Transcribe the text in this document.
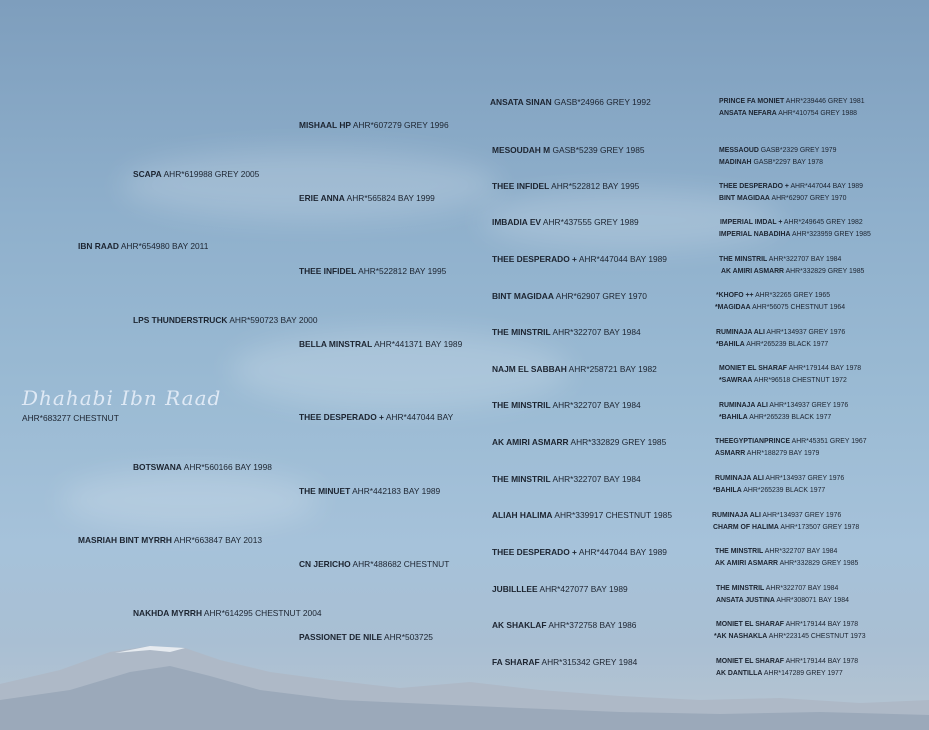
Dhahabi Ibn Raad
AHR*683277 CHESTNUT
IBN RAAD AHR*654980 BAY 2011
MASRIAH BINT MYRRH AHR*663847 BAY 2013
SCAPA AHR*619988 GREY 2005
LPS THUNDERSTRUCK AHR*590723 BAY 2000
BOTSWANA AHR*560166 BAY 1998
NAKHDA MYRRH AHR*614295 CHESTNUT 2004
MISHAAL HP AHR*607279 GREY 1996
ERIE ANNA AHR*565824 BAY 1999
THEE INFIDEL AHR*522812 BAY 1995
BELLA MINSTRAL AHR*441371 BAY 1989
THEE DESPERADO + AHR*447044 BAY
THE MINUET AHR*442183 BAY 1989
CN JERICHO AHR*488682 CHESTNUT
PASSIONET DE NILE AHR*503725
ANSATA SINAN GASB*24966 GREY 1992
MESOUDAH M GASB*5239 GREY 1985
THEE INFIDEL AHR*522812 BAY 1995
IMBADIA EV AHR*437555 GREY 1989
THEE DESPERADO + AHR*447044 BAY 1989
BINT MAGIDAA AHR*62907 GREY 1970
THE MINSTRIL AHR*322707 BAY 1984
NAJM EL SABBAH AHR*258721 BAY 1982
THE MINSTRIL AHR*322707 BAY 1984
AK AMIRI ASMARR AHR*332829 GREY 1985
THE MINSTRIL AHR*322707 BAY 1984
ALIAH HALIMA AHR*339917 CHESTNUT 1985
THEE DESPERADO + AHR*447044 BAY 1989
JUBILLLEE AHR*427077 BAY 1989
AK SHAKLAF AHR*372758 BAY 1986
FA SHARAF AHR*315342 GREY 1984
PRINCE FA MONIET AHR*239446 GREY 1981
ANSATA NEFARA AHR*410754 GREY 1988
MESSAOUD GASB*2329 GREY 1979
MADINAH GASB*2297 BAY 1978
THEE DESPERADO + AHR*447044 BAY 1989
BINT MAGIDAA AHR*62907 GREY 1970
IMPERIAL IMDAL + AHR*249645 GREY 1982
IMPERIAL NABADIHA AHR*323959 GREY 1985
THE MINSTRIL AHR*322707 BAY 1984
AK AMIRI ASMARR AHR*332829 GREY 1985
*KHOFO ++ AHR*32265 GREY 1965
*MAGIDAA AHR*56075 CHESTNUT 1964
RUMINAJA ALI AHR*134937 GREY 1976
*BAHILA AHR*265239 BLACK 1977
MONIET EL SHARAF AHR*179144 BAY 1978
*SAWRAA AHR*96518 CHESTNUT 1972
RUMINAJA ALI AHR*134937 GREY 1976
*BAHILA AHR*265239 BLACK 1977
THEEGYPTIANPRINCE AHR*45351 GREY 1967
ASMARR AHR*188279 BAY 1979
RUMINAJA ALI AHR*134937 GREY 1976
*BAHILA AHR*265239 BLACK 1977
RUMINAJA ALI AHR*134937 GREY 1976
CHARM OF HALIMA AHR*173507 GREY 1978
THE MINSTRIL AHR*322707 BAY 1984
AK AMIRI ASMARR AHR*332829 GREY 1985
THE MINSTRIL AHR*322707 BAY 1984
ANSATA JUSTINA AHR*308071 BAY 1984
MONIET EL SHARAF AHR*179144 BAY 1978
*AK NASHAKLA AHR*223145 CHESTNUT 1973
MONIET EL SHARAF AHR*179144 BAY 1978
AK DANTILLA AHR*147289 GREY 1977
